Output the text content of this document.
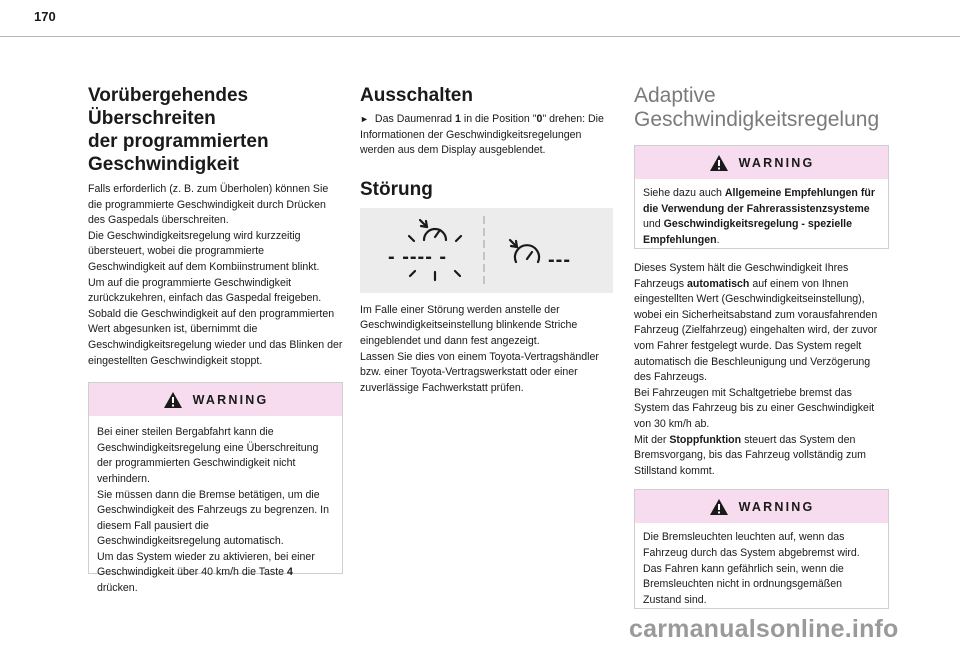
170
Vorübergehendes Überschreiten
der programmierten
Geschwindigkeit

Falls erforderlich (z. B. zum Überholen) können Sie die programmierte Geschwindigkeit durch Drücken des Gaspedals überschreiten.

Die Geschwindigkeitsregelung wird kurzzeitig übersteuert, wobei die programmierte Geschwindigkeit auf dem Kombiinstrument blinkt.

Um auf die programmierte Geschwindigkeit zurückzukehren, einfach das Gaspedal freigeben.

Sobald die Geschwindigkeit auf den programmierten Wert abgesunken ist, übernimmt die Geschwindigkeitsregelung wieder und das Blinken der eingestellten Geschwindigkeit stoppt.

WARNING

Bei einer steilen Bergabfahrt kann die Geschwindigkeitsregelung eine Überschreitung der programmierten Geschwindigkeit nicht verhindern.

Sie müssen dann die Bremse betätigen, um die Geschwindigkeit des Fahrzeugs zu begrenzen. In diesem Fall pausiert die Geschwindigkeitsregelung automatisch.

Um das System wieder zu aktivieren, bei einer Geschwindigkeit über 40 km/h die Taste 4 drücken.

Ausschalten

► Das Daumenrad 1 in die Position "0" drehen: Die Informationen der Geschwindigkeitsregelungen werden aus dem Display ausgeblendet.

Störung
- ---- -	---

Im Falle einer Störung werden anstelle der Geschwindigkeitseinstellung blinkende Striche eingeblendet und dann fest angezeigt.

Lassen Sie dies von einem Toyota-Vertragshändler bzw. einer Toyota-Vertragswerkstatt oder einer zuverlässige Fachwerkstatt prüfen.

Adaptive
Geschwindigkeitsregelung
WARNING

Siehe dazu auch Allgemeine Empfehlungen für die Verwendung der Fahrerassistenzsysteme und Geschwindigkeitsregelung - spezielle Empfehlungen.

Dieses System hält die Geschwindigkeit Ihres Fahrzeugs automatisch auf einem von Ihnen eingestellten Wert (Geschwindigkeitseinstellung), wobei ein Sicherheitsabstand zum vorausfahrenden Fahrzeug (Zielfahrzeug) eingehalten wird, der zuvor vom Fahrer festgelegt wurde. Das System regelt automatisch die Beschleunigung und Verzögerung des Fahrzeugs.

Bei Fahrzeugen mit Schaltgetriebe bremst das System das Fahrzeug bis zu einer Geschwindigkeit von 30 km/h ab.

Mit der Stoppfunktion steuert das System den Bremsvorgang, bis das Fahrzeug vollständig zum Stillstand kommt.

WARNING

Die Bremsleuchten leuchten auf, wenn das Fahrzeug durch das System abgebremst wird.

Das Fahren kann gefährlich sein, wenn die Bremsleuchten nicht in ordnungsgemäßen Zustand sind.

carmanualsonline.info
